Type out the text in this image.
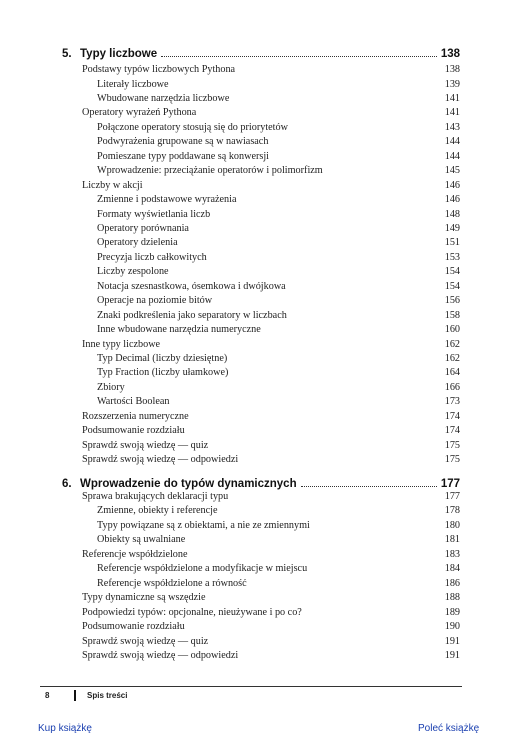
5. Typy liczbowe	138
Podstawy typów liczbowych Pythona	138
Literały liczbowe	139
Wbudowane narzędzia liczbowe	141
Operatory wyrażeń Pythona	141
Połączone operatory stosują się do priorytetów	143
Podwyrażenia grupowane są w nawiasach	144
Pomieszane typy poddawane są konwersji	144
Wprowadzenie: przeciążanie operatorów i polimorfizm	145
Liczby w akcji	146
Zmienne i podstawowe wyrażenia	146
Formaty wyświetlania liczb	148
Operatory porównania	149
Operatory dzielenia	151
Precyzja liczb całkowitych	153
Liczby zespolone	154
Notacja szesnastkowa, ósemkowa i dwójkowa	154
Operacje na poziomie bitów	156
Znaki podkreślenia jako separatory w liczbach	158
Inne wbudowane narzędzia numeryczne	160
Inne typy liczbowe	162
Typ Decimal (liczby dziesiętne)	162
Typ Fraction (liczby ułamkowe)	164
Zbiory	166
Wartości Boolean	173
Rozszerzenia numeryczne	174
Podsumowanie rozdziału	174
Sprawdź swoją wiedzę — quiz	175
Sprawdź swoją wiedzę — odpowiedzi	175
6. Wprowadzenie do typów dynamicznych	177
Sprawa brakujących deklaracji typu	177
Zmienne, obiekty i referencje	178
Typy powiązane są z obiektami, a nie ze zmiennymi	180
Obiekty są uwalniane	181
Referencje współdzielone	183
Referencje współdzielone a modyfikacje w miejscu	184
Referencje współdzielone a równość	186
Typy dynamiczne są wszędzie	188
Podpowiedzi typów: opcjonalne, nieużywane i po co?	189
Podsumowanie rozdziału	190
Sprawdź swoją wiedzę — quiz	191
Sprawdź swoją wiedzę — odpowiedzi	191
8	Spis treści
Kup książkę	Poleć książkę
